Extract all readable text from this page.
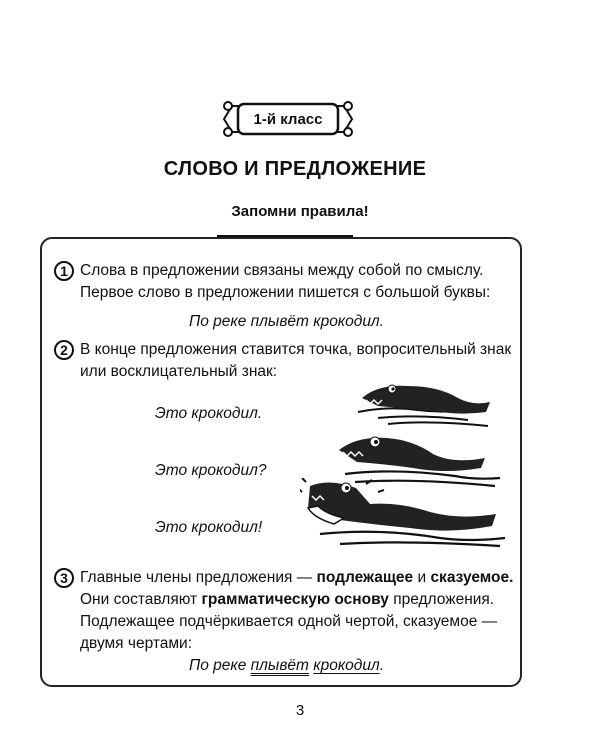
1-й класс
СЛОВО И ПРЕДЛОЖЕНИЕ
Запомни правила!
1 Слова в предложении связаны между собой по смыслу.
Первое слово в предложении пишется с большой буквы:
По реке плывёт крокодил.
2 В конце предложения ставится точка, вопросительный знак
или восклицательный знак:
Это крокодил.
Это крокодил?
Это крокодил!
3 Главные члены предложения — подлежащее и сказуемое.
Они составляют грамматическую основу предложения.
Подлежащее подчёркивается одной чертой, сказуемое —
двумя чертами:
По реке плывёт крокодил.
3
